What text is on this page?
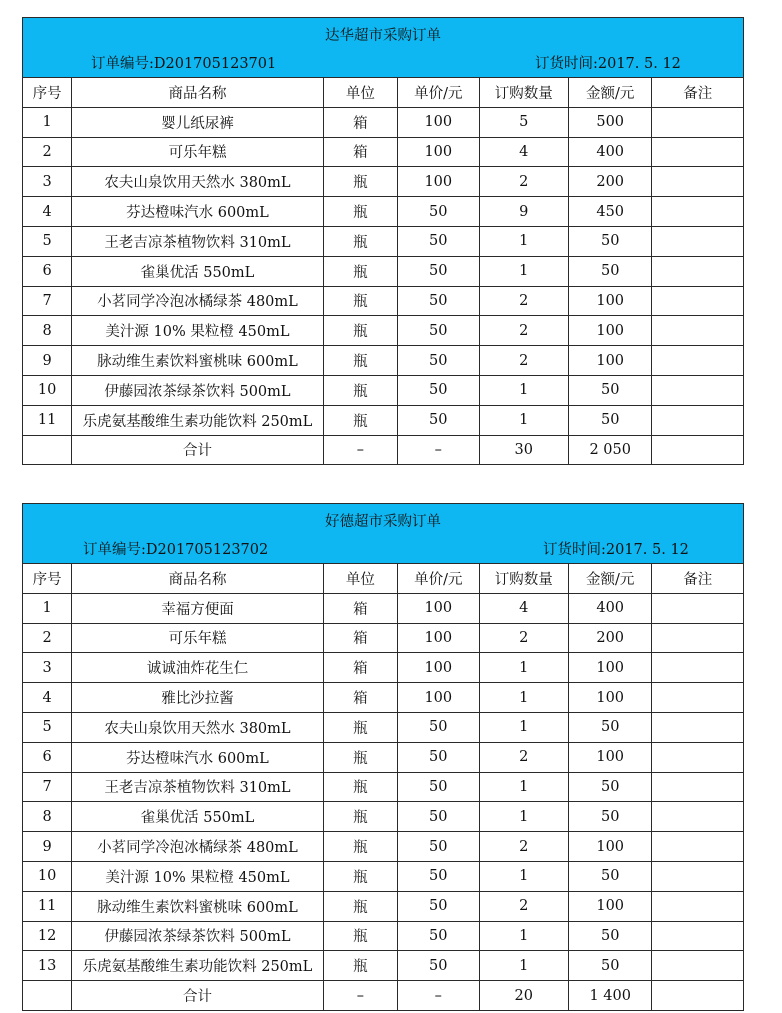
达华超市采购订单
订单编号:D201705123701	订货时间:2017. 5. 12
序号	商品名称	单位	单价/元	订购数量	金额/元	备注
1	婴儿纸尿裤	箱	100	5	500	
2	可乐年糕	箱	100	4	400	
3	农夫山泉饮用天然水 380mL	瓶	100	2	200	
4	芬达橙味汽水 600mL	瓶	50	9	450	
5	王老吉凉茶植物饮料 310mL	瓶	50	1	50	
6	雀巢优活 550mL	瓶	50	1	50	
7	小茗同学冷泡冰橘绿茶 480mL	瓶	50	2	100	
8	美汁源 10% 果粒橙 450mL	瓶	50	2	100	
9	脉动维生素饮料蜜桃味 600mL	瓶	50	2	100	
10	伊藤园浓茶绿茶饮料 500mL	瓶	50	1	50	
11	乐虎氨基酸维生素功能饮料 250mL	瓶	50	1	50	
	合计	–	–	30	2 050	
好德超市采购订单
订单编号:D201705123702	订货时间:2017. 5. 12
序号	商品名称	单位	单价/元	订购数量	金额/元	备注
1	幸福方便面	箱	100	4	400	
2	可乐年糕	箱	100	2	200	
3	诚诚油炸花生仁	箱	100	1	100	
4	雅比沙拉酱	箱	100	1	100	
5	农夫山泉饮用天然水 380mL	瓶	50	1	50	
6	芬达橙味汽水 600mL	瓶	50	2	100	
7	王老吉凉茶植物饮料 310mL	瓶	50	1	50	
8	雀巢优活 550mL	瓶	50	1	50	
9	小茗同学冷泡冰橘绿茶 480mL	瓶	50	2	100	
10	美汁源 10% 果粒橙 450mL	瓶	50	1	50	
11	脉动维生素饮料蜜桃味 600mL	瓶	50	2	100	
12	伊藤园浓茶绿茶饮料 500mL	瓶	50	1	50	
13	乐虎氨基酸维生素功能饮料 250mL	瓶	50	1	50	
	合计	–	–	20	1 400	
